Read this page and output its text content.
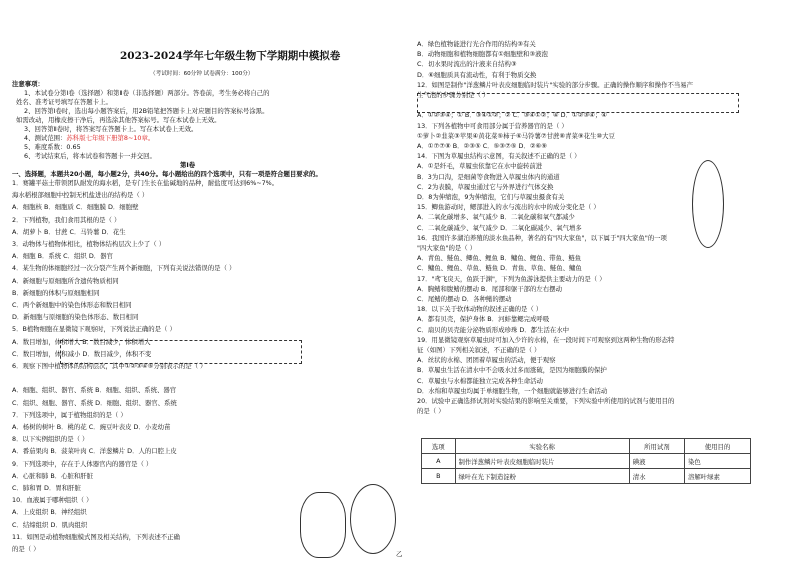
2023-2024学年七年级生物下学期期中模拟卷
（考试时间：60分钟 试卷满分：100分）
注意事项：
1、本试卷分第Ⅰ卷（选择题）和第Ⅱ卷（非选择题）两部分。答卷前，考生务必将自己的
姓名、准考证号填写在答题卡上。
2、回答第Ⅰ卷时，选出每小题答案后，用2B铅笔把答题卡上对应题目的答案标号涂黑。
如需改动，用橡皮擦干净后，再选涂其他答案标号。写在本试卷上无效。
3、回答第Ⅱ卷时，将答案写在答题卡上。写在本试卷上无效。
4、测试范围：苏科版七年级下册第8~10章。
5、难度系数：0.65
6、考试结束后，将本试卷和答题卡一并交回。
第Ⅰ卷
一、选择题，本题共20小题，每小题2分，共40分。每小题给出的四个选项中，只有一项是符合题目要求的。
1．赛罐平菇土带领团队耐发的海水稻，是专门生长在盐碱地的品种，耐盐度可达到6%~7%。
海水稻根部细胞中控制无机盐进出的结构是（ ）
A．细胞核 B．细胞质 C．细胞膜 D．细胞壁
2．下列植物，我们食用其根的是（ ）
A．胡萝卜 B．甘蔗 C．马铃薯 D．花生
3．动物体与植物体相比，植物体结构层次上少了（ ）
A．细胞 B．系统 C．组织 D．器官
4．某生物的体细胞经过一次分裂产生两个新细胞，下列有关说法错误的是（ ）
A．新细胞与原细胞所含遗传物质相同
B．新细胞的体积与原细胞相同
C．两个新细胞中的染色体形态和数目相同
D．新细胞与原细胞的染色体形态、数目相同
5．B植物细胞在显微镜下观察时，下列说法正确的是（ ）
A．数目增加，体积增大 B．数目减少，体积增大
C．数目增加，体积减小 D．数目减少，体积不变
6．观察下图中植物体的结构层次，其中①②③④⑤分别表示的是（ ）
A．细胞、组织、器官、系统 B．细胞、组织、系统、器官
C．组织、细胞、器官、系统 D．细胞、组织、器官、系统
7．下列选项中，属于植物组织的是（ ）
A．杨树的树叶 B．桃的花 C．豌豆叶表皮 D．小麦幼苗
8．以下实例组织的是（ ）
A．番茄果肉 B．菠菜叶肉 C．洋葱鳞片 D．人的口腔上皮
9．下列选项中，存在于人体器官内的器官是（ ）
A．心脏和肺 B．心脏和肝脏
C．肺和胃 D．胃和肝脏
10．血液属于哪种组织（ ）
A．上皮组织 B．神经组织
C．结缔组织 D．肌肉组织
11．如图是动植物细胞模式图及相关结构，下列表述不正确
的是（ ）
A．绿色植物能进行光合作用的结构③有关
B．动物细胞和植物细胞都有①细胞壁和③液泡
C．切水果时流出的汁液来自结构③
D．⑥细胞质具有流动性，有利于物质交换
12．如图是制作"洋葱鳞片叶表皮细胞临时装片"实验的部分步骤。正确的操作顺序和操作不当易产
生气泡的步骤分别是（ ）
A．①②③④；① B．③④①②；② C．③④①②；④ D．①②③④；④
13．下列各植物中可食用部分属于营养器官的是（ ）
①萝卜②韭菜③苹果④黄花菜⑤柿子⑥马铃薯⑦甘蔗⑧青菜⑨花生⑩大豆
A．①⑦⑦⑧ B．②③⑤ C．⑤③⑦⑤ D．②⑥⑨
14．下图为草履虫结构示意图，有关叙述不正确的是（ ）
A．①是纤毛，草履虫依靠它在水中旋转前进
B．3为口沟，是细菌等食物进入草履虫体内的通道
C．2为表膜，草履虫通过它与外界进行气体交换
D．8为伸缩泡，9为伸缩泡，它们与草履虫摄食有关
15．鲫鱼游动时，鳃部进入的水与流出的水中的成分变化是（ ）
A．二氧化碳增多、氧气减少 B．二氧化碳和氧气都减少
C．二氧化碳减少、氧气减少 D．二氧化碳减少、氧气增多
16．我国许多湖泊养殖的淡水鱼品种，著名的有"四大家鱼"，以下属于"四大家鱼"的一项
"四大家鱼"的是（ ）
A．青鱼、鲢鱼、鲫鱼、鲤鱼 B．鳙鱼、鲤鱼、带鱼、鲢鱼
C．鳙鱼、鲤鱼、草鱼、鲢鱼 D．青鱼、草鱼、鲢鱼、鳙鱼
17．"鸢飞戾天，鱼跃于渊"，下列为鱼游泳提供主要动力的是（ ）
A．胸鳍和腹鳍的摆动 B．尾部和躯干部的左右摆动
C．尾鳍的摆动 D．各种鳍的摆动
18．以下关于软体动物的叙述正确的是（ ）
A．都有贝壳，保护身体 B．河蚌靠鳃完成呼吸
C．扇贝的贝壳能分泌物质形成珍珠 D．都生活在水中
19．用显微镜观察草履虫时可加入少许的水棉，在一段时间下可观察到这两种生物的形态特
征（如图）下列相关叙述，不正确的是（ ）
A．丝状的水棉、团团着草履虫的活动，便于观察
B．草履虫生活在清水中不会吸水过多而涨破，是因为细胞膜的保护
C．草履虫与水棉都能独立完成各种生命活动
D．水绵和草履虫均属于单细胞生物，一个细胞就能够进行生命活动
20．试验中正确选择试剂对实验结果的影响至关重要，下列实验中所使用的试剂与使用目的
的是（ ）
选项	实验名称	所用试剂	使用目的
A	制作洋葱鳞片叶表皮细胞临时装片	碘液	染色
B	绿叶在光下制造淀粉	清水	溶解叶绿素
乙
